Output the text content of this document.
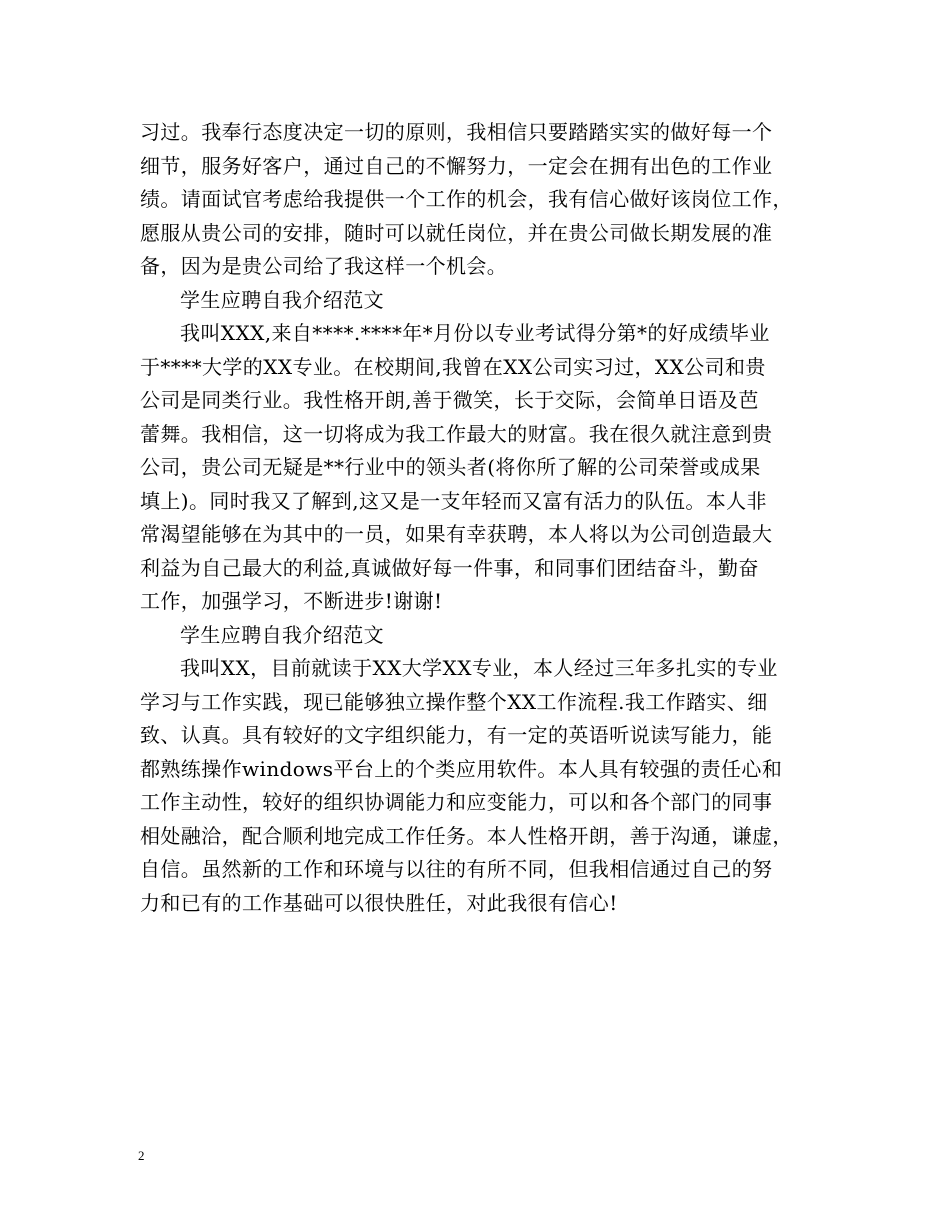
习过。我奉行态度决定一切的原则，我相信只要踏踏实实的做好每一个
细节，服务好客户，通过自己的不懈努力，一定会在拥有出色的工作业
绩。请面试官考虑给我提供一个工作的机会，我有信心做好该岗位工作，
愿服从贵公司的安排，随时可以就任岗位，并在贵公司做长期发展的准
备，因为是贵公司给了我这样一个机会。
学生应聘自我介绍范文
我叫XXX,来自****.****年*月份以专业考试得分第*的好成绩毕业
于****大学的XX专业。在校期间,我曾在XX公司实习过，XX公司和贵
公司是同类行业。我性格开朗,善于微笑，长于交际，会简单日语及芭
蕾舞。我相信，这一切将成为我工作最大的财富。我在很久就注意到贵
公司，贵公司无疑是**行业中的领头者(将你所了解的公司荣誉或成果
填上)。同时我又了解到,这又是一支年轻而又富有活力的队伍。本人非
常渴望能够在为其中的一员，如果有幸获聘，本人将以为公司创造最大
利益为自己最大的利益,真诚做好每一件事，和同事们团结奋斗，勤奋
工作，加强学习，不断进步!谢谢!
学生应聘自我介绍范文
我叫XX，目前就读于XX大学XX专业，本人经过三年多扎实的专业
学习与工作实践，现已能够独立操作整个XX工作流程.我工作踏实、细
致、认真。具有较好的文字组织能力，有一定的英语听说读写能力，能
都熟练操作windows平台上的个类应用软件。本人具有较强的责任心和
工作主动性，较好的组织协调能力和应变能力，可以和各个部门的同事
相处融洽，配合顺利地完成工作任务。本人性格开朗，善于沟通，谦虚，
自信。虽然新的工作和环境与以往的有所不同，但我相信通过自己的努
力和已有的工作基础可以很快胜任，对此我很有信心!
2
